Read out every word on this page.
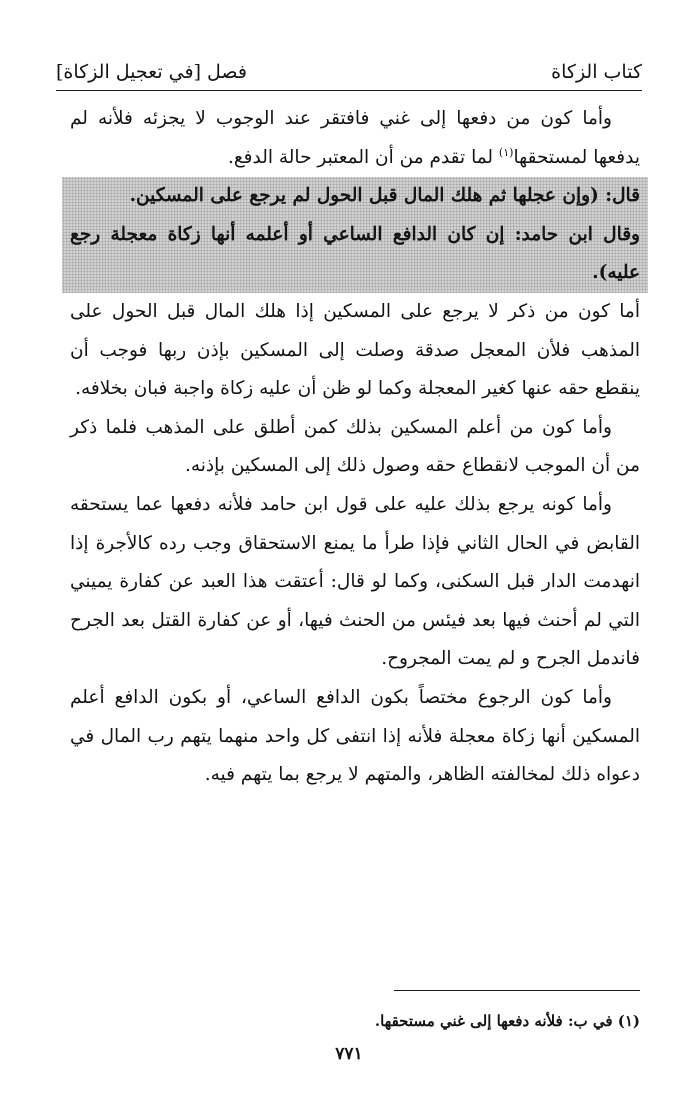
كتاب الزكاة
فصل [في تعجيل الزكاة]

وأما كون من دفعها إلى غني فافتقر عند الوجوب لا يجزئه فلأنه لم يدفعها لمستحقها$^{(١)}$ لما تقدم من أن المعتبر حالة الدفع.

قال: (وإن عجلها ثم هلك المال قبل الحول لم يرجع على المسكين.

وقال ابن حامد: إن كان الدافع الساعي أو أعلمه أنها زكاة معجلة رجع عليه).

أما كون من ذكر لا يرجع على المسكين إذا هلك المال قبل الحول على المذهب فلأن المعجل صدقة وصلت إلى المسكين بإذن ربها فوجب أن ينقطع حقه عنها كغير المعجلة وكما لو ظن أن عليه زكاة واجبة فبان بخلافه.

وأما كون من أعلم المسكين بذلك كمن أطلق على المذهب فلما ذكر من أن الموجب لانقطاع حقه وصول ذلك إلى المسكين بإذنه.

وأما كونه يرجع بذلك عليه على قول ابن حامد فلأنه دفعها عما يستحقه القابض في الحال الثاني فإذا طرأ ما يمنع الاستحقاق وجب رده كالأجرة إذا انهدمت الدار قبل السكنى، وكما لو قال: أعتقت هذا العبد عن كفارة يميني التي لم أحنث فيها بعد فيئس من الحنث فيها، أو عن كفارة القتل بعد الجرح فاندمل الجرح و لم يمت المجروح.

وأما كون الرجوع مختصاً بكون الدافع الساعي، أو بكون الدافع أعلم المسكين أنها زكاة معجلة فلأنه إذا انتفى كل واحد منهما يتهم رب المال في دعواه ذلك لمخالفته الظاهر، والمتهم لا يرجع بما يتهم فيه.

(١) في ب: فلأنه دفعها إلى غني مستحقها.
٧٧١
